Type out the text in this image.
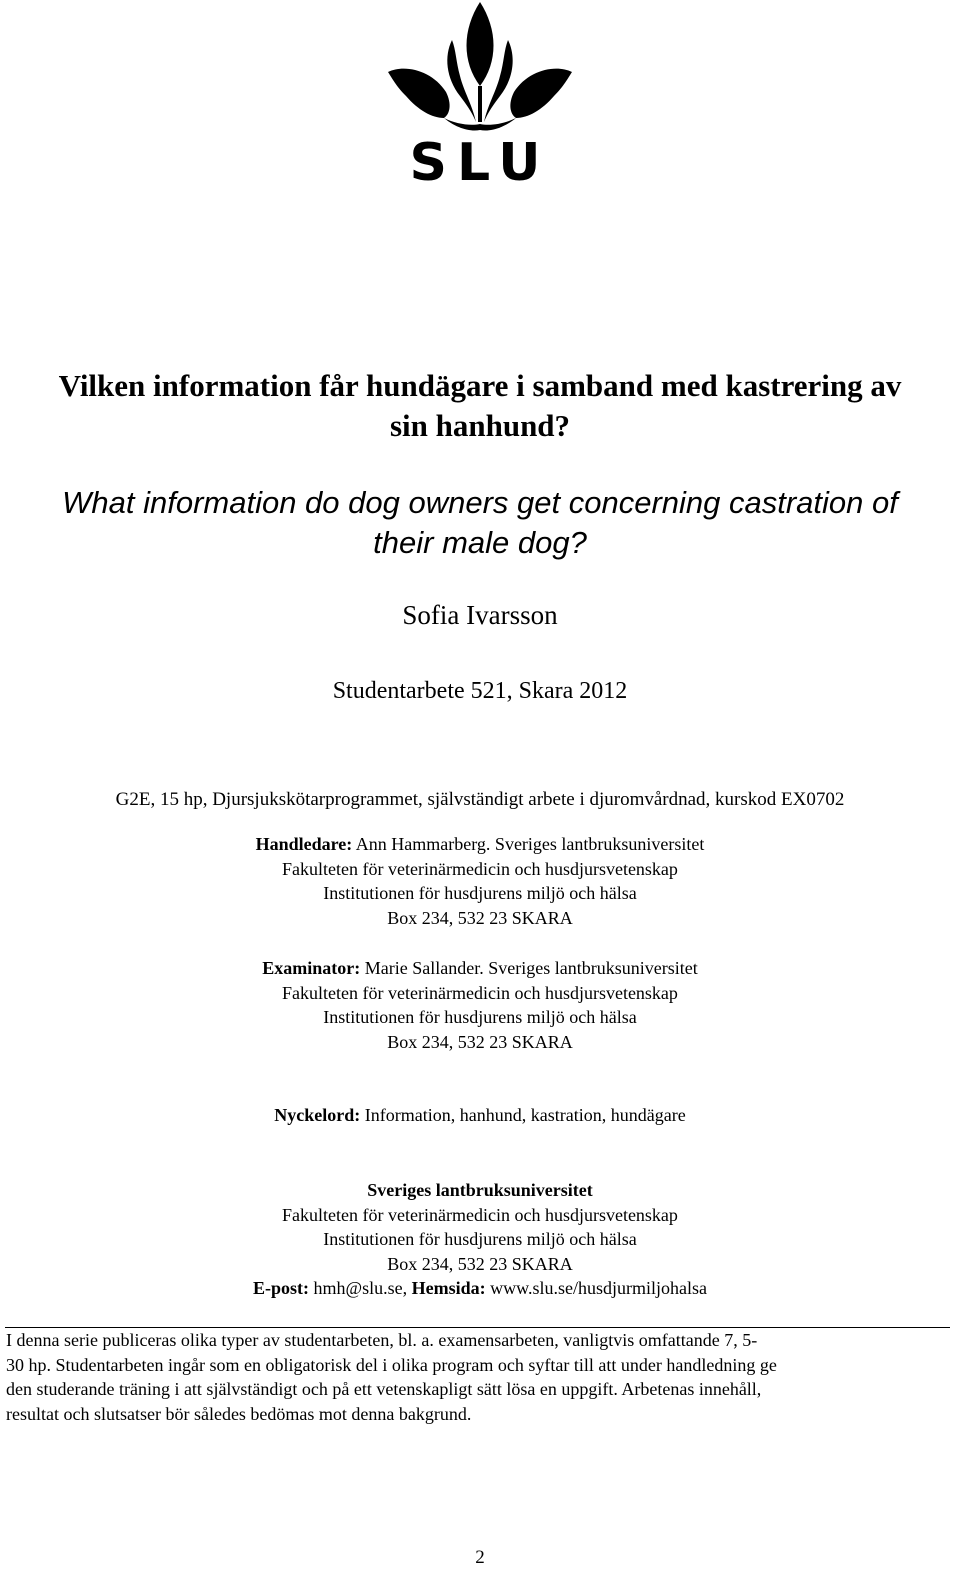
SLU
Vilken information får hundägare i samband med kastrering av
sin hanhund?
What information do dog owners get concerning castration of
their male dog?
Sofia Ivarsson
Studentarbete 521, Skara 2012
G2E, 15 hp, Djursjukskötarprogrammet, självständigt arbete i djuromvårdnad, kurskod EX0702
Handledare: Ann Hammarberg. Sveriges lantbruksuniversitet
Fakulteten för veterinärmedicin och husdjursvetenskap
Institutionen för husdjurens miljö och hälsa
Box 234, 532 23 SKARA
Examinator: Marie Sallander. Sveriges lantbruksuniversitet
Fakulteten för veterinärmedicin och husdjursvetenskap
Institutionen för husdjurens miljö och hälsa
Box 234, 532 23 SKARA
Nyckelord: Information, hanhund, kastration, hundägare
Sveriges lantbruksuniversitet
Fakulteten för veterinärmedicin och husdjursvetenskap
Institutionen för husdjurens miljö och hälsa
Box 234, 532 23 SKARA
E-post: hmh@slu.se, Hemsida: www.slu.se/husdjurmiljohalsa
I denna serie publiceras olika typer av studentarbeten, bl. a. examensarbeten, vanligtvis omfattande 7, 5-
30 hp. Studentarbeten ingår som en obligatorisk del i olika program och syftar till att under handledning ge
den studerande träning i att självständigt och på ett vetenskapligt sätt lösa en uppgift. Arbetenas innehåll,
resultat och slutsatser bör således bedömas mot denna bakgrund.
2
